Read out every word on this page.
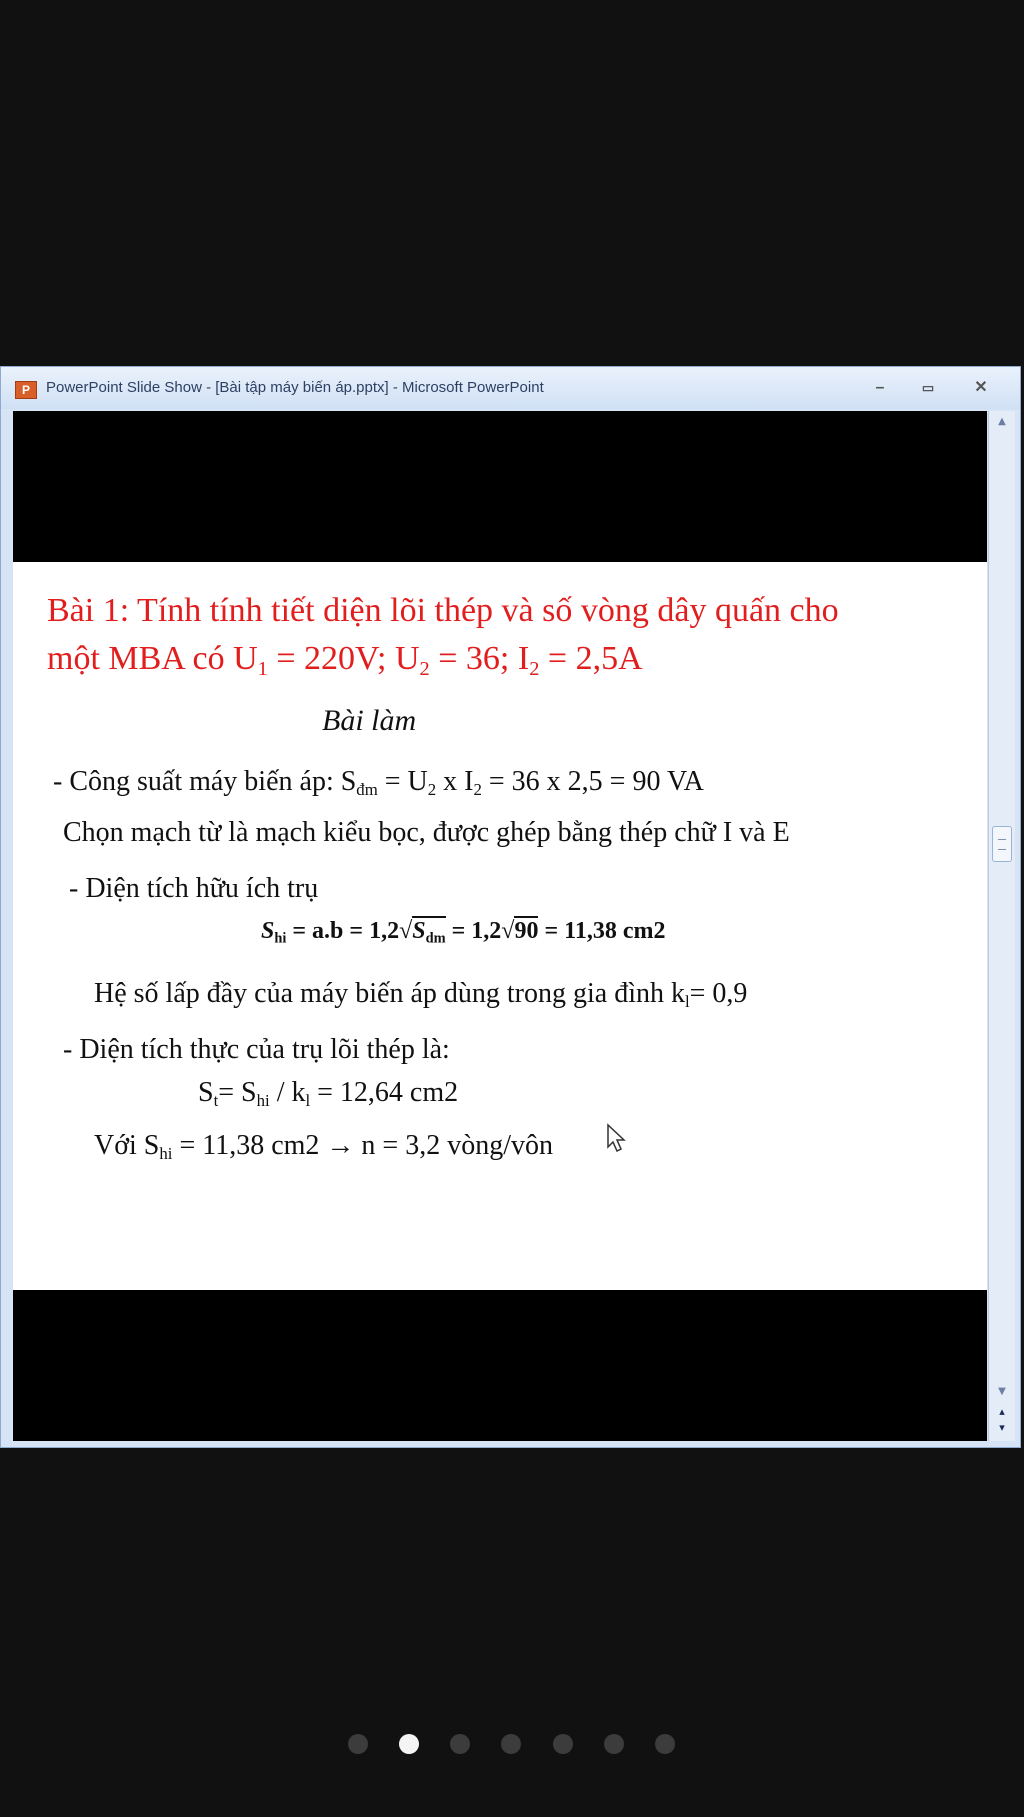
P	PowerPoint Slide Show - [Bài tập máy biến áp.pptx] - Microsoft PowerPoint	–	▭	✕
Bài 1: Tính tính tiết diện lõi thép và số vòng dây quấn cho
một MBA có $U_1 = 220V$; $U_2 = 36$; $I_2 = 2,5A$
Bài làm
- Công suất máy biến áp: $S_{đm} = U_2$ x $I_2 = 36$ x 2,5 = 90 VA
Chọn mạch từ là mạch kiểu bọc, được ghép bằng thép chữ I và E
- Diện tích hữu ích trụ
$S_{hi} = a.b = 1,2√S_{dm} = 1,2√90 = 11,38$ cm2
Hệ số lấp đầy của máy biến áp dùng trong gia đình $k_l= 0,9$
- Diện tích thực của trụ lõi thép là:
$S_t= S_{hi} / k_l = 12,64$ cm2
Với $S_{hi} = 11,38$ cm2 → n = 3,2 vòng/vôn
▲
▼
▴
▾
